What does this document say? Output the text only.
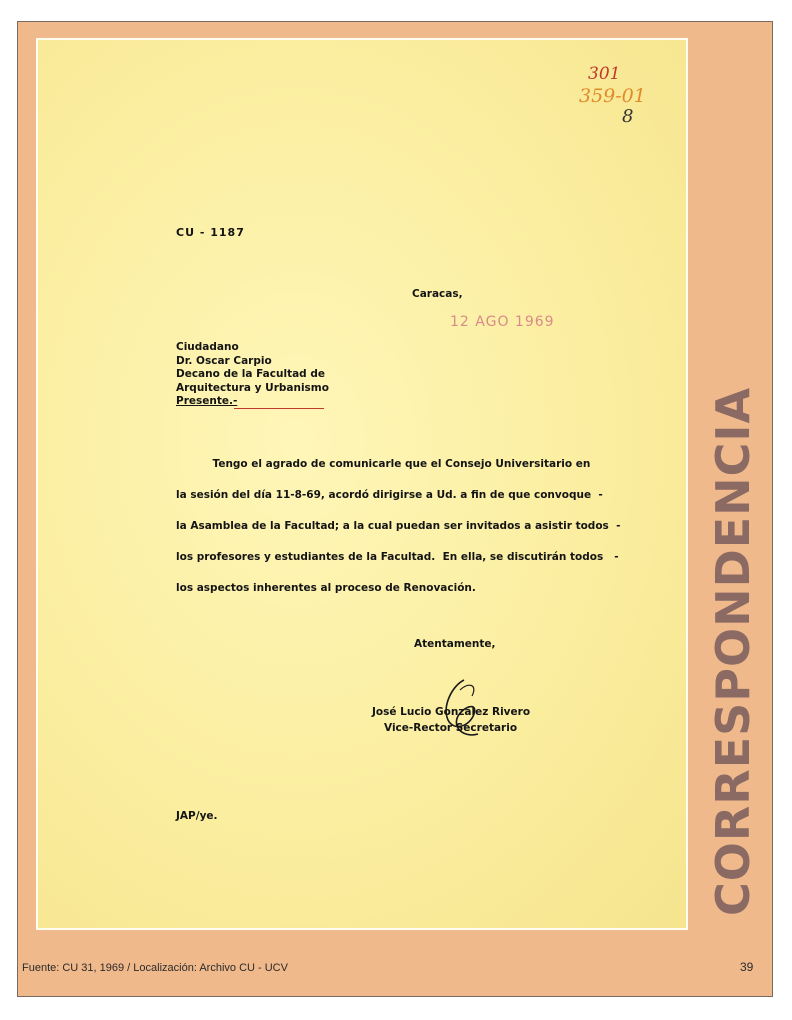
301
359-01
8
CU - 1187
Caracas,
12 AGO 1969
Ciudadano
Dr. Oscar Carpio
Decano de la Facultad de
Arquitectura y Urbanismo
Presente.-
Tengo el agrado de comunicarle que el Consejo Universitario en
la sesión del día 11-8-69, acordó dirigirse a Ud. a fin de que convoque  -
la Asamblea de la Facultad; a la cual puedan ser invitados a asistir todos  -
los profesores y estudiantes de la Facultad.  En ella, se discutirán todos   -
los aspectos inherentes al proceso de Renovación.
Atentamente,
José Lucio González Rivero
Vice-Rector Secretario
JAP/ye.	CORRESPONDENCIA
Fuente: CU 31, 1969 / Localización: Archivo CU - UCV	39
